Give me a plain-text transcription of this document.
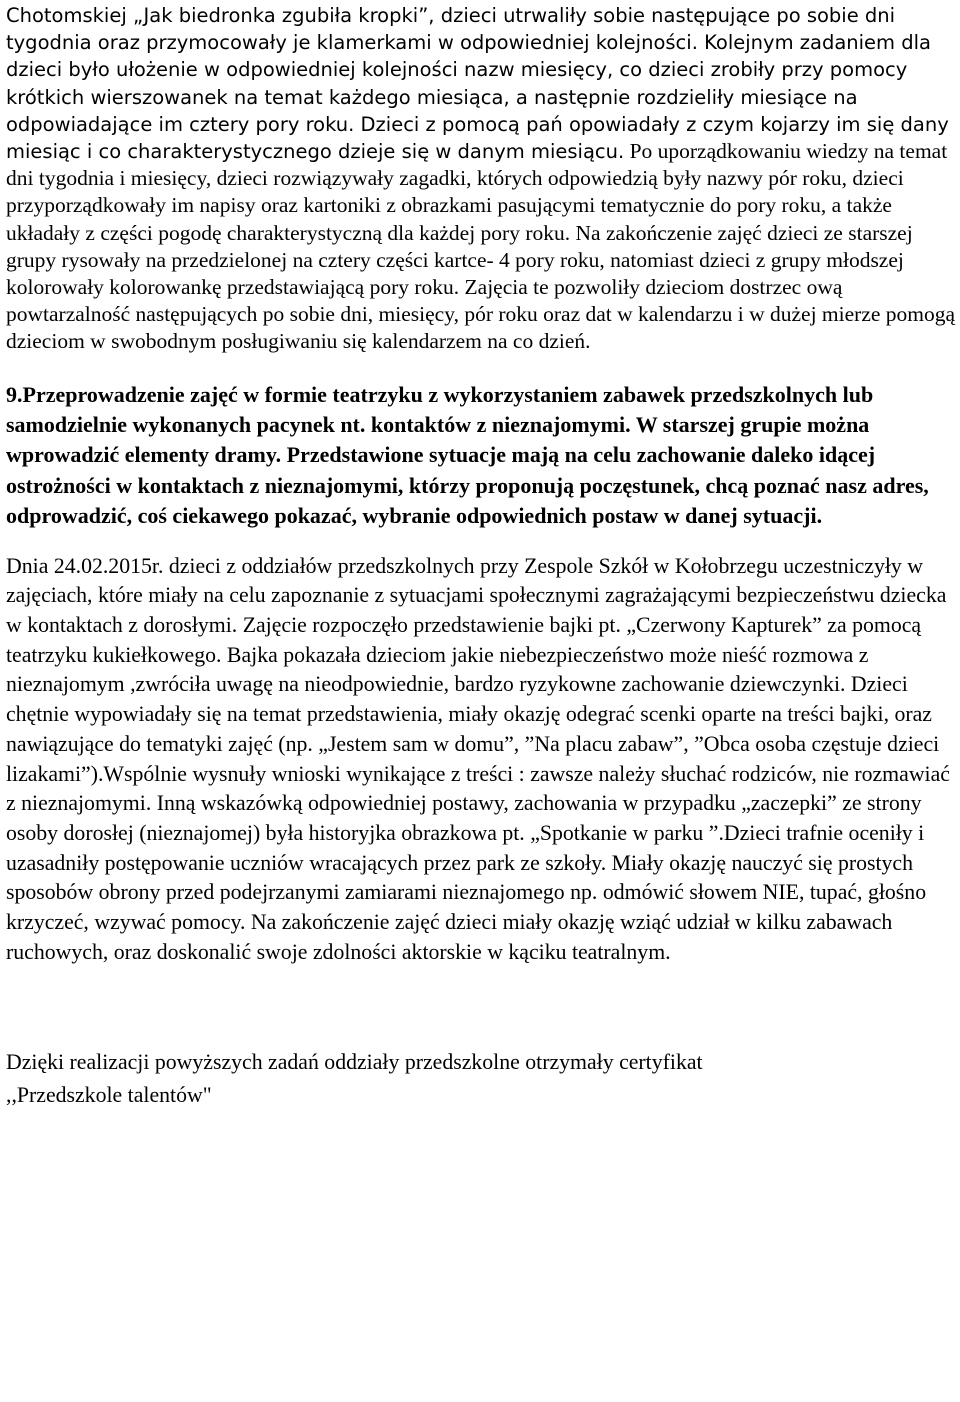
Chotomskiej „Jak biedronka zgubiła kropki”, dzieci utrwaliły sobie następujące po sobie dni tygodnia oraz przymocowały je klamerkami w odpowiedniej kolejności. Kolejnym zadaniem dla dzieci było ułożenie w odpowiedniej kolejności nazw miesięcy, co dzieci zrobiły przy pomocy krótkich wierszowanek na temat każdego miesiąca, a następnie rozdzieliły miesiące na odpowiadające im cztery pory roku. Dzieci z pomocą pań opowiadały z czym kojarzy im się dany miesiąc i co charakterystycznego dzieje się w danym miesiącu. Po uporządkowaniu wiedzy na temat dni tygodnia i miesięcy, dzieci rozwiązywały zagadki, których odpowiedzią były nazwy pór roku, dzieci przyporządkowały im napisy oraz kartoniki z obrazkami pasującymi tematycznie do pory roku, a także układały z części pogodę charakterystyczną dla każdej pory roku. Na zakończenie zajęć dzieci ze starszej grupy rysowały na przedzielonej na cztery części kartce- 4 pory roku, natomiast dzieci z grupy młodszej kolorowały kolorowankę przedstawiającą pory roku. Zajęcia te pozwoliły dzieciom dostrzec ową powtarzalność następujących po sobie dni, miesięcy, pór roku oraz dat w kalendarzu i w dużej mierze pomogą dzieciom w swobodnym posługiwaniu się kalendarzem na co dzień.

9.Przeprowadzenie zajęć w formie teatrzyku z wykorzystaniem zabawek przedszkolnych lub samodzielnie wykonanych pacynek nt. kontaktów z nieznajomymi. W starszej grupie można wprowadzić elementy dramy. Przedstawione sytuacje mają na celu zachowanie daleko idącej ostrożności w kontaktach z nieznajomymi, którzy proponują poczęstunek, chcą poznać nasz adres, odprowadzić, coś ciekawego pokazać, wybranie odpowiednich postaw w danej sytuacji.

Dnia 24.02.2015r. dzieci z oddziałów przedszkolnych przy Zespole Szkół w Kołobrzegu uczestniczyły w zajęciach, które miały na celu zapoznanie z sytuacjami społecznymi zagrażającymi bezpieczeństwu dziecka w kontaktach z dorosłymi. Zajęcie rozpoczęło przedstawienie bajki pt. „Czerwony Kapturek” za pomocą teatrzyku kukiełkowego. Bajka pokazała dzieciom jakie niebezpieczeństwo może nieść rozmowa z nieznajomym ,zwróciła uwagę na nieodpowiednie, bardzo ryzykowne zachowanie dziewczynki. Dzieci chętnie wypowiadały się na temat przedstawienia, miały okazję odegrać scenki oparte na treści bajki, oraz nawiązujące do tematyki zajęć (np. „Jestem sam w domu”, ”Na placu zabaw”, ”Obca osoba częstuje dzieci lizakami”).Wspólnie wysnuły wnioski wynikające z treści : zawsze należy słuchać rodziców, nie rozmawiać z nieznajomymi. Inną wskazówką odpowiedniej postawy, zachowania w przypadku „zaczepki” ze strony osoby dorosłej (nieznajomej) była historyjka obrazkowa pt. „Spotkanie w parku ”.Dzieci trafnie oceniły i uzasadniły postępowanie uczniów wracających przez park ze szkoły. Miały okazję nauczyć się prostych sposobów obrony przed podejrzanymi zamiarami nieznajomego np. odmówić słowem NIE, tupać, głośno krzyczeć, wzywać pomocy. Na zakończenie zajęć dzieci miały okazję wziąć udział w kilku zabawach ruchowych, oraz doskonalić swoje zdolności aktorskie w kąciku teatralnym.

Dzięki realizacji powyższych zadań oddziały przedszkolne otrzymały certyfikat
,,Przedszkole talentów"
